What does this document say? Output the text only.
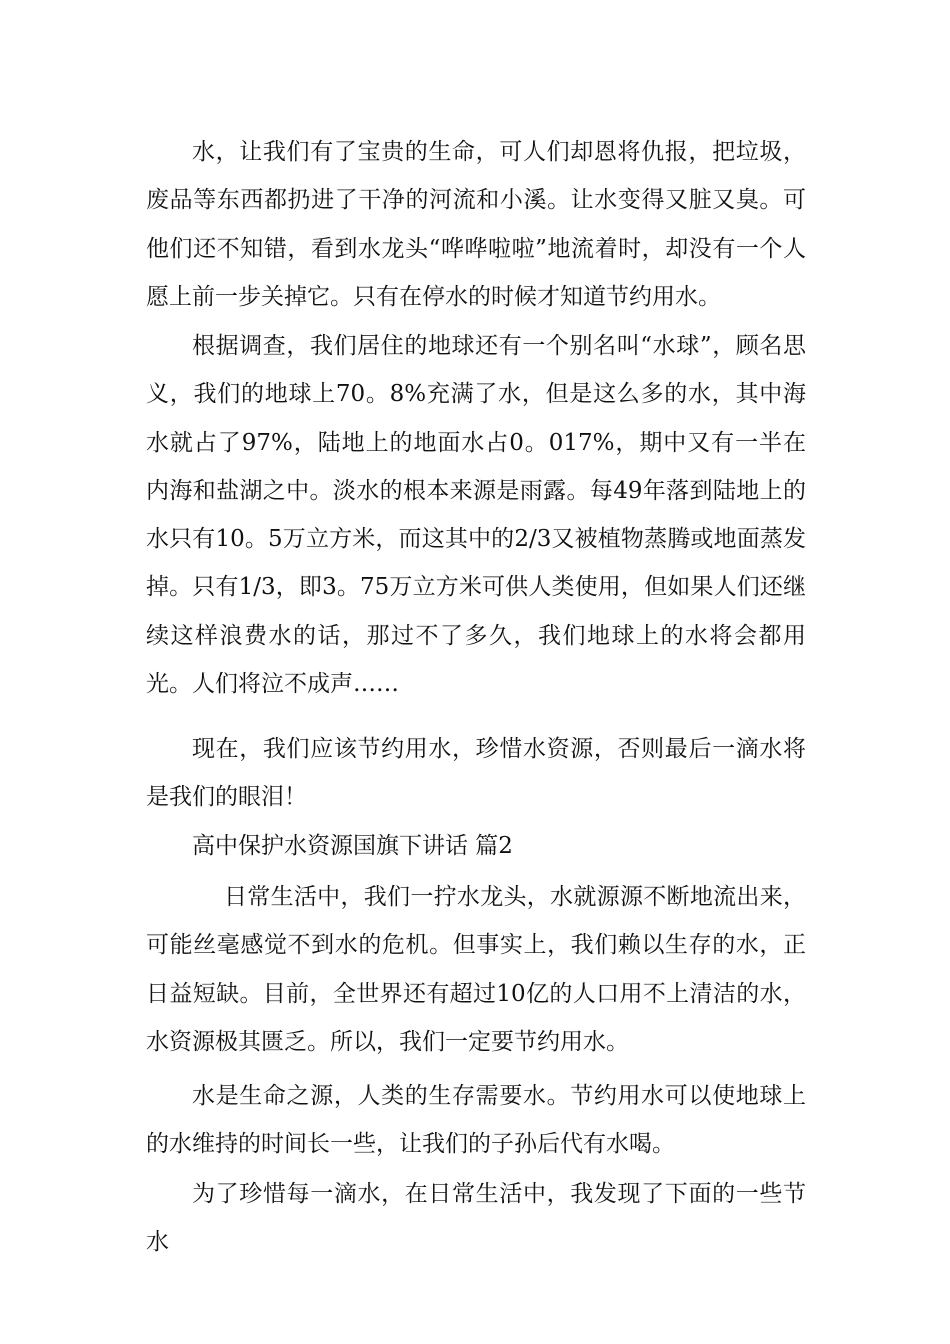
水，让我们有了宝贵的生命，可人们却恩将仇报，把垃圾，废品等东西都扔进了干净的河流和小溪。让水变得又脏又臭。可他们还不知错，看到水龙头“哗哗啦啦”地流着时，却没有一个人愿上前一步关掉它。只有在停水的时候才知道节约用水。

根据调查，我们居住的地球还有一个别名叫“水球”，顾名思义，我们的地球上70。8%充满了水，但是这么多的水，其中海水就占了97%，陆地上的地面水占0。017%，期中又有一半在内海和盐湖之中。淡水的根本来源是雨露。每49年落到陆地上的水只有10。5万立方米，而这其中的2/3又被植物蒸腾或地面蒸发掉。只有1/3，即3。75万立方米可供人类使用，但如果人们还继续这样浪费水的话，那过不了多久，我们地球上的水将会都用光。人们将泣不成声……

现在，我们应该节约用水，珍惜水资源，否则最后一滴水将是我们的眼泪！

高中保护水资源国旗下讲话 篇2

日常生活中，我们一拧水龙头，水就源源不断地流出来，可能丝毫感觉不到水的危机。但事实上，我们赖以生存的水，正日益短缺。目前，全世界还有超过10亿的人口用不上清洁的水，水资源极其匮乏。所以，我们一定要节约用水。

水是生命之源，人类的生存需要水。节约用水可以使地球上的水维持的时间长一些，让我们的子孙后代有水喝。

为了珍惜每一滴水，在日常生活中，我发现了下面的一些节水
